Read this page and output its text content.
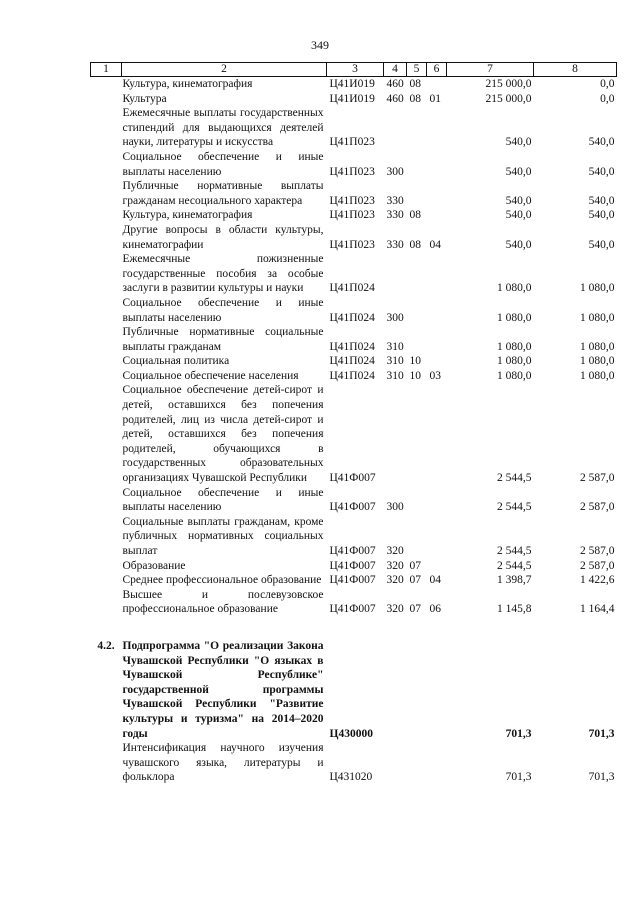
349
1	2	3	4	5	6	7	8
	Культура, кинематография	Ц41И019	460	08		215 000,0	0,0
	Культура	Ц41И019	460	08	01	215 000,0	0,0
	Ежемесячные выплаты государственных стипендий для выдающихся деятелей науки, литературы и искусства	Ц41П023				540,0	540,0
	Социальное обеспечение и иные выплаты населению	Ц41П023	300			540,0	540,0
	Публичные нормативные выплаты гражданам несоциального характера	Ц41П023	330			540,0	540,0
	Культура, кинематография	Ц41П023	330	08		540,0	540,0
	Другие вопросы в области культуры, кинематографии	Ц41П023	330	08	04	540,0	540,0
	Ежемесячные пожизненные государственные пособия за особые заслуги в развитии культуры и науки	Ц41П024				1 080,0	1 080,0
	Социальное обеспечение и иные выплаты населению	Ц41П024	300			1 080,0	1 080,0
	Публичные нормативные социальные выплаты гражданам	Ц41П024	310			1 080,0	1 080,0
	Социальная политика	Ц41П024	310	10		1 080,0	1 080,0
	Социальное обеспечение населения	Ц41П024	310	10	03	1 080,0	1 080,0
	Социальное обеспечение детей-сирот и детей, оставшихся без попечения родителей, лиц из числа детей-сирот и детей, оставшихся без попечения родителей, обучающихся в государственных образовательных организациях Чувашской Республики	Ц41Ф007				2 544,5	2 587,0
	Социальное обеспечение и иные выплаты населению	Ц41Ф007	300			2 544,5	2 587,0
	Социальные выплаты гражданам, кроме публичных нормативных социальных выплат	Ц41Ф007	320			2 544,5	2 587,0
	Образование	Ц41Ф007	320	07		2 544,5	2 587,0
	Среднее профессиональное образование	Ц41Ф007	320	07	04	1 398,7	1 422,6
	Высшее и послевузовское профессиональное образование	Ц41Ф007	320	07	06	1 145,8	1 164,4

4.2.	Подпрограмма "О реализации Закона Чувашской Республики "О языках в Чувашской Республике" государственной программы Чувашской Республики "Развитие культуры и туризма" на 2014–2020 годы	Ц430000				701,3	701,3
	Интенсификация научного изучения чувашского языка, литературы и фольклора	Ц431020				701,3	701,3
